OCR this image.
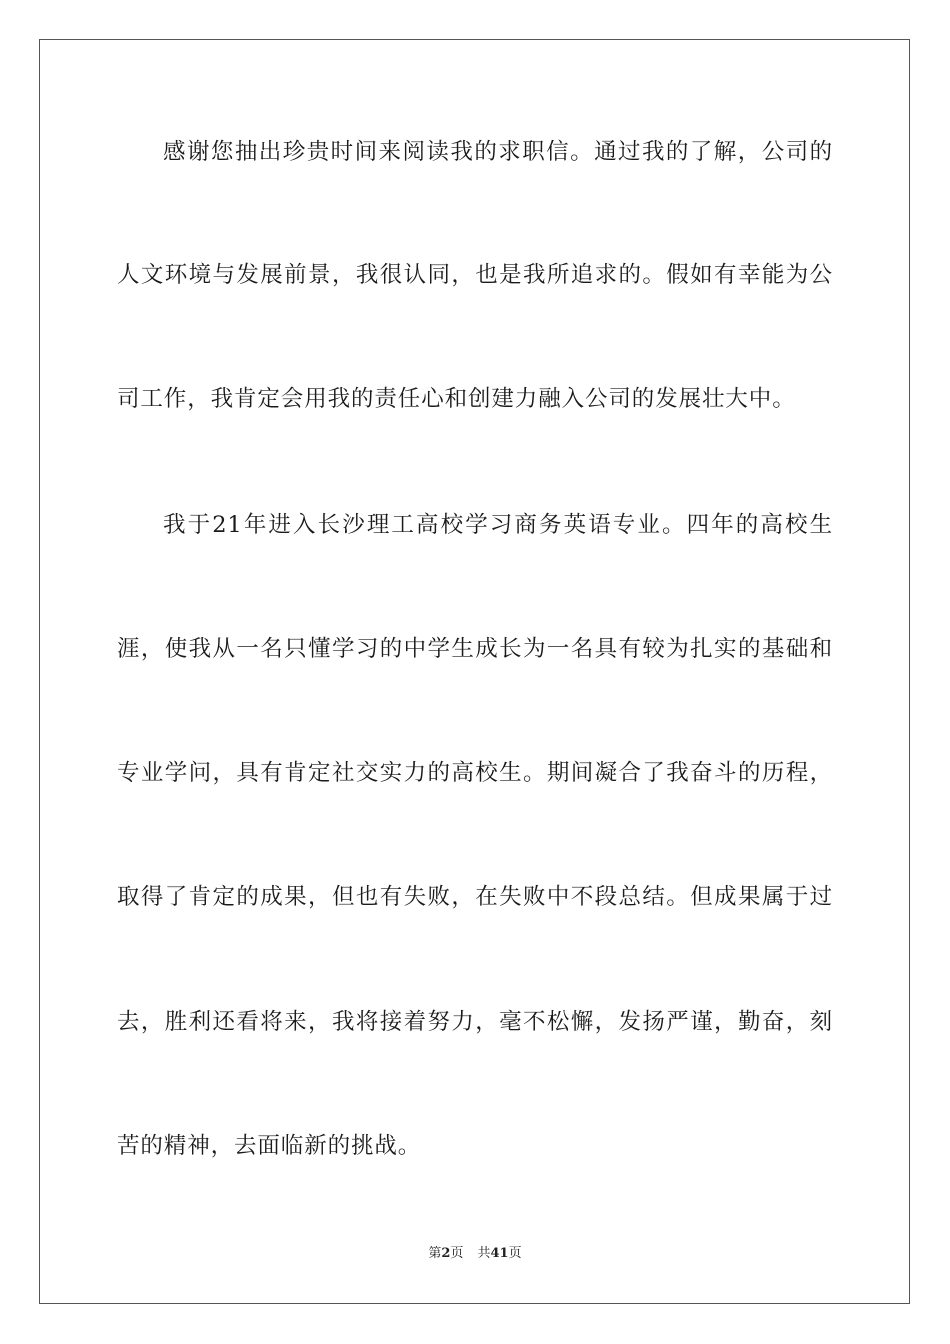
感谢您抽出珍贵时间来阅读我的求职信。通过我的了解，公司的
人文环境与发展前景，我很认同，也是我所追求的。假如有幸能为公
司工作，我肯定会用我的责任心和创建力融入公司的发展壮大中。
我于21年进入长沙理工高校学习商务英语专业。四年的高校生
涯，使我从一名只懂学习的中学生成长为一名具有较为扎实的基础和
专业学问，具有肯定社交实力的高校生。期间凝合了我奋斗的历程，
取得了肯定的成果，但也有失败，在失败中不段总结。但成果属于过
去，胜利还看将来，我将接着努力，毫不松懈，发扬严谨，勤奋，刻
苦的精神，去面临新的挑战。
第2页 共41页
